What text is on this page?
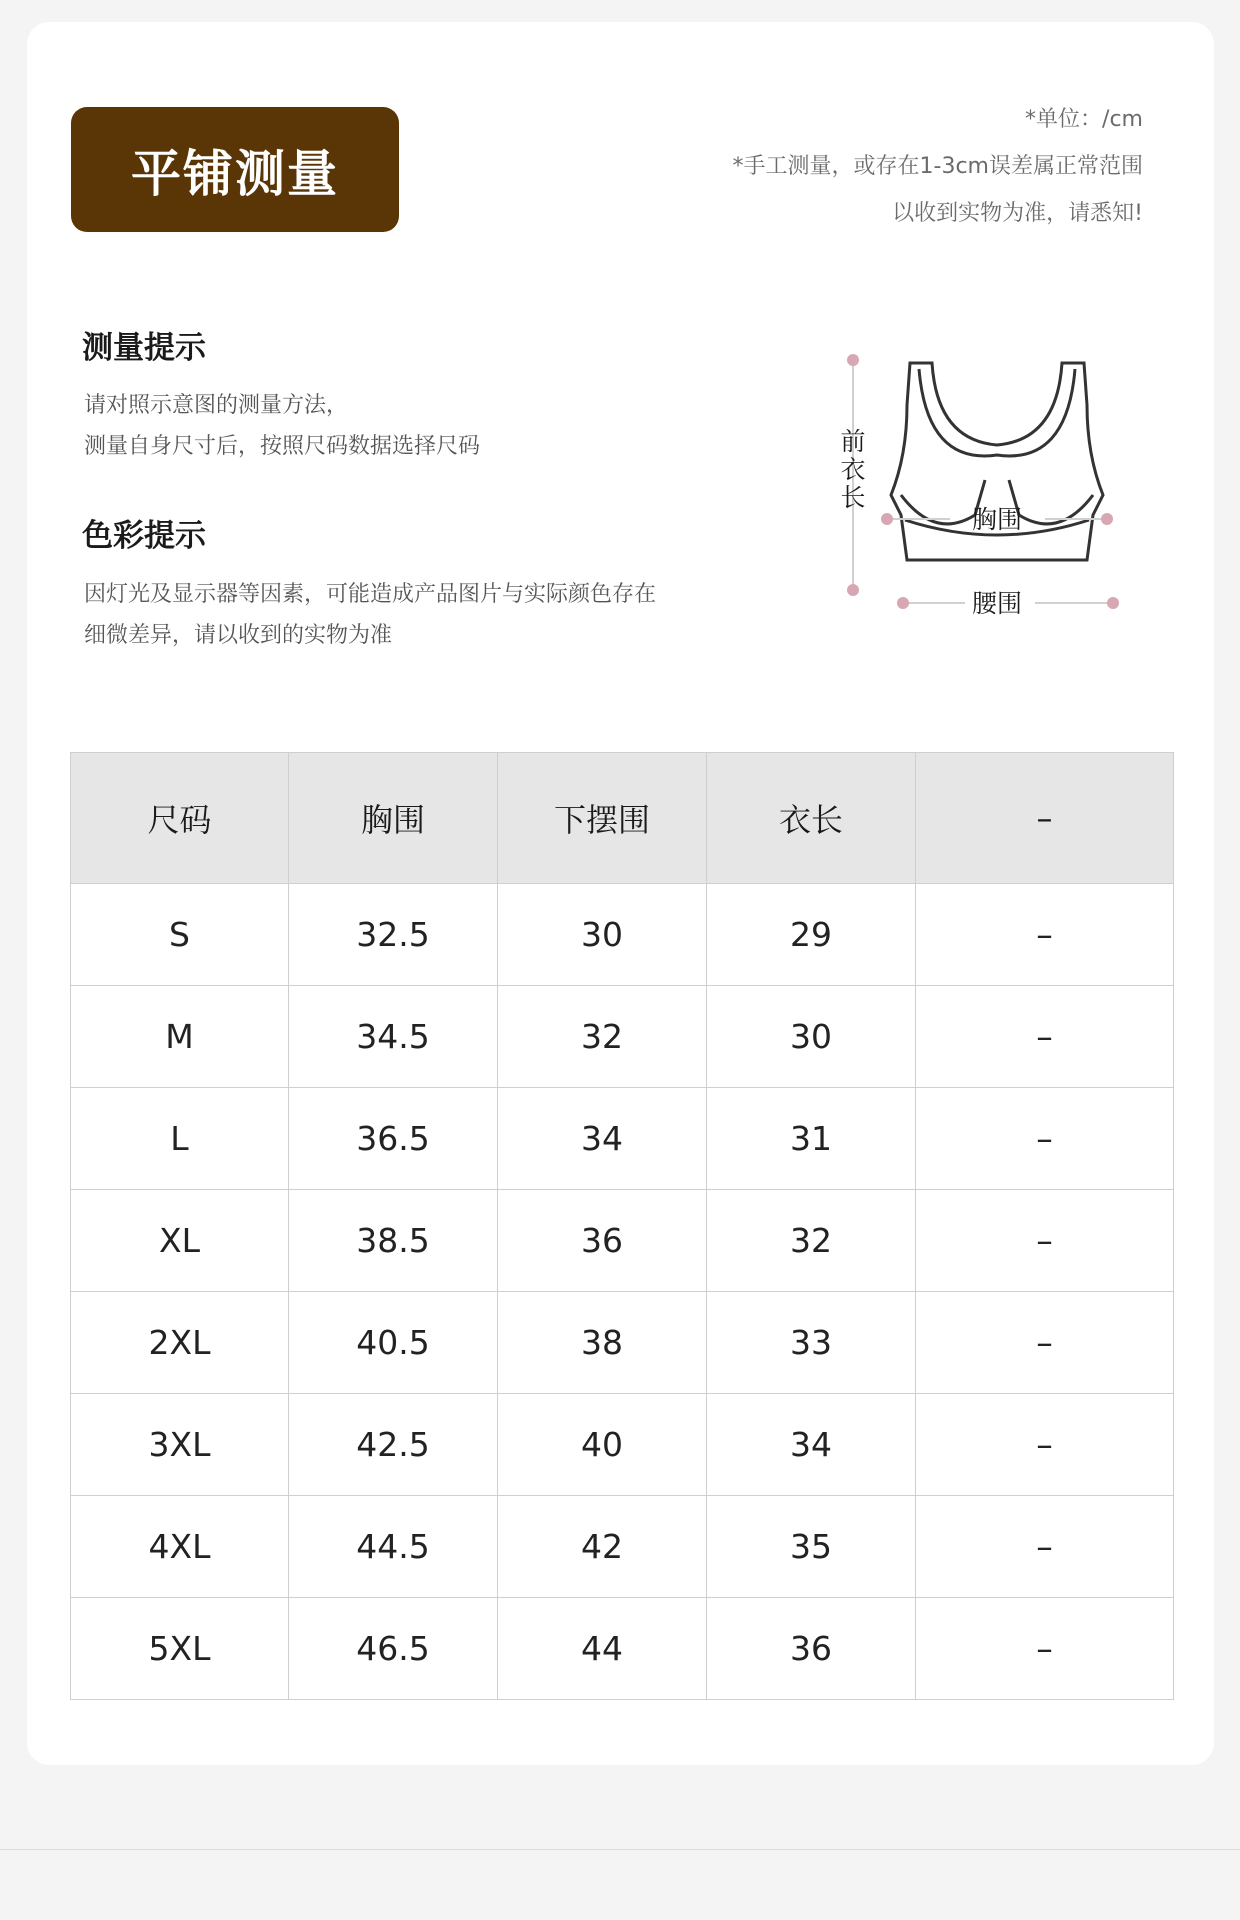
平铺测量
*单位：/cm
*手工测量，或存在1-3cm误差属正常范围
以收到实物为准，请悉知!
测量提示
请对照示意图的测量方法，
测量自身尺寸后，按照尺码数据选择尺码
色彩提示
因灯光及显示器等因素，可能造成产品图片与实际颜色存在
细微差异，请以收到的实物为准
前
衣
长
胸围
腰围
尺码	胸围	下摆围	衣长	–
S	32.5	30	29	–
M	34.5	32	30	–
L	36.5	34	31	–
XL	38.5	36	32	–
2XL	40.5	38	33	–
3XL	42.5	40	34	–
4XL	44.5	42	35	–
5XL	46.5	44	36	–
